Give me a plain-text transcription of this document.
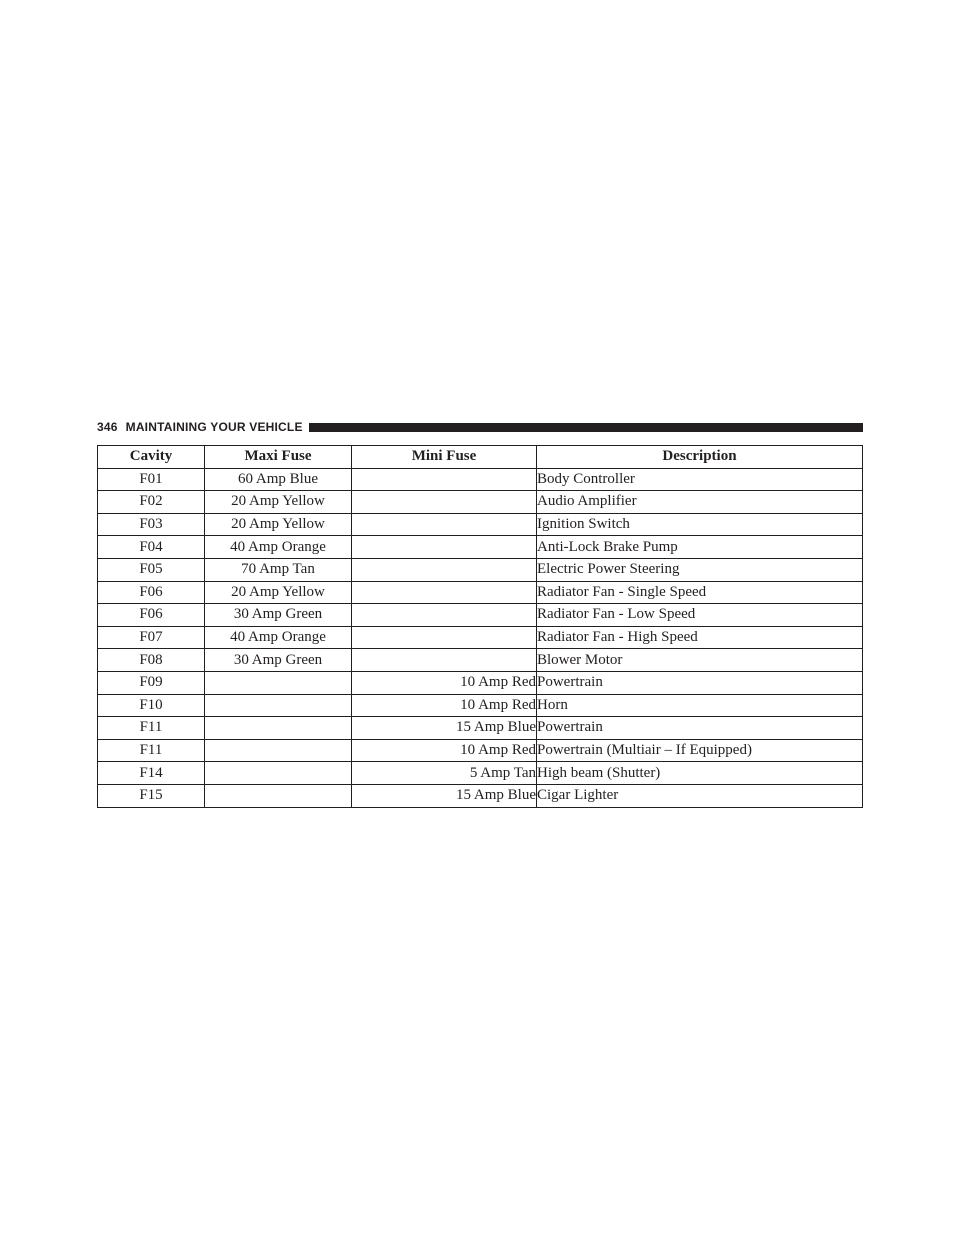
346 MAINTAINING YOUR VEHICLE
Cavity	Maxi Fuse	Mini Fuse	Description
F01	60 Amp Blue		Body Controller
F02	20 Amp Yellow		Audio Amplifier
F03	20 Amp Yellow		Ignition Switch
F04	40 Amp Orange		Anti-Lock Brake Pump
F05	70 Amp Tan		Electric Power Steering
F06	20 Amp Yellow		Radiator Fan - Single Speed
F06	30 Amp Green		Radiator Fan - Low Speed
F07	40 Amp Orange		Radiator Fan - High Speed
F08	30 Amp Green		Blower Motor
F09		10 Amp Red	Powertrain
F10		10 Amp Red	Horn
F11		15 Amp Blue	Powertrain
F11		10 Amp Red	Powertrain (Multiair – If Equipped)
F14		5 Amp Tan	High beam (Shutter)
F15		15 Amp Blue	Cigar Lighter
